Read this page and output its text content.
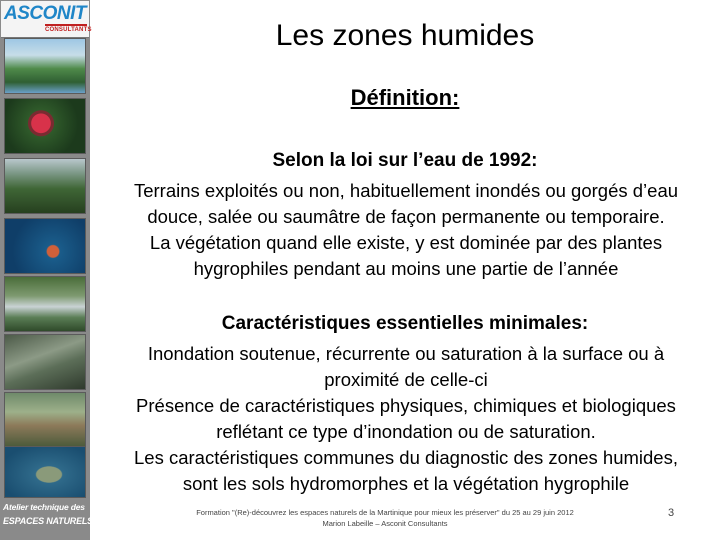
ASCONIT
CONSULTANTS
Atelier technique des
ESPACES NATURELS
Les zones humides
Définition:
Selon la loi sur l’eau de 1992:
Terrains exploités ou non, habituellement inondés ou gorgés d’eau
douce, salée ou saumâtre de façon permanente ou temporaire.
La végétation quand elle existe, y est dominée par des plantes
hygrophiles pendant au moins une partie de l’année
Caractéristiques essentielles minimales:
Inondation soutenue, récurrente ou saturation à la surface ou à
proximité de celle-ci
Présence de caractéristiques physiques, chimiques et biologiques
reflétant ce type d’inondation ou de saturation.
Les caractéristiques communes du diagnostic des zones humides,
sont les sols hydromorphes et la végétation hygrophile
Formation "(Re)-découvrez les espaces naturels de la Martinique pour mieux les préserver" du 25 au 29 juin 2012
Marion Labeille – Asconit Consultants
3
